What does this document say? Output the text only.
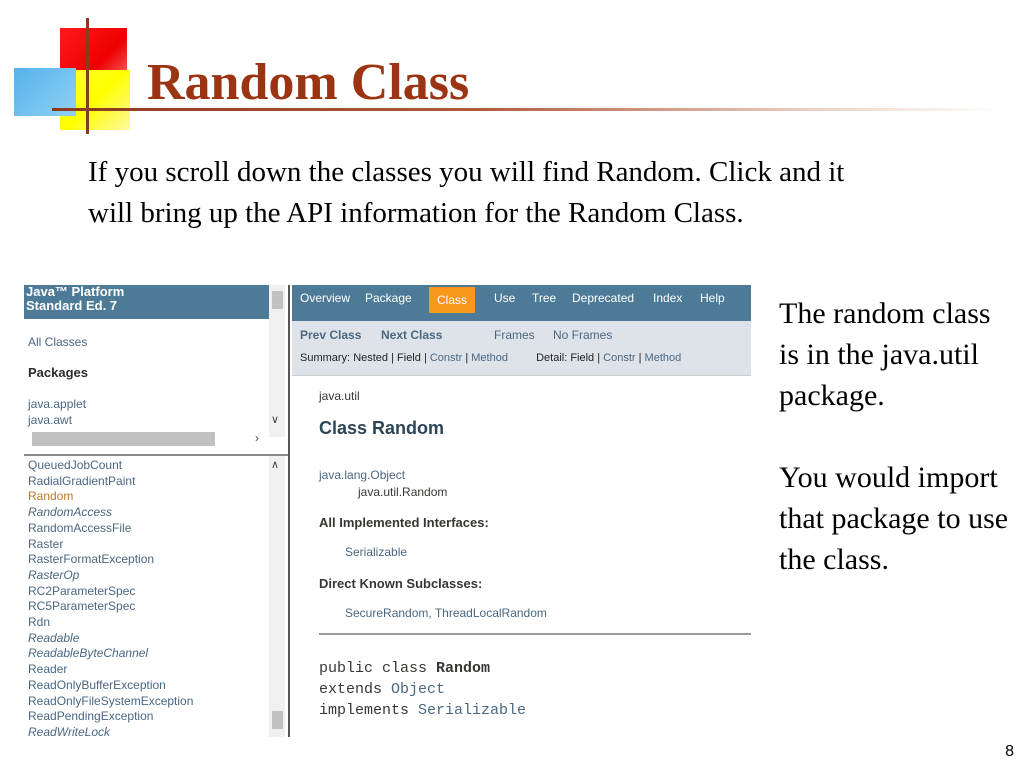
Random Class

If you scroll down the classes you will find Random. Click and it will bring up the API information for the Random Class.

The random class is in the java.util package.

You would import that package to use the class.

8
Java™ Platform
Standard Ed. 7
All Classes
Packages
java.applet
java.awt	∨
›
QueuedJobCount
RadialGradientPaint
Random
RandomAccess
RandomAccessFile
Raster
RasterFormatException
RasterOp
RC2ParameterSpec
RC5ParameterSpec
Rdn
Readable
ReadableByteChannel
Reader
ReadOnlyBufferException
ReadOnlyFileSystemException
ReadPendingException
ReadWriteLock
∧
Overview Package	Class	Use Tree Deprecated Index Help
Prev Class Next Class	Frames No Frames
Summary: Nested | Field | Constr | Method	Detail: Field | Constr | Method
java.util
Class Random
java.lang.Object
java.util.Random
All Implemented Interfaces:
Serializable
Direct Known Subclasses:
SecureRandom, ThreadLocalRandom
public class Random
extends Object
implements Serializable
